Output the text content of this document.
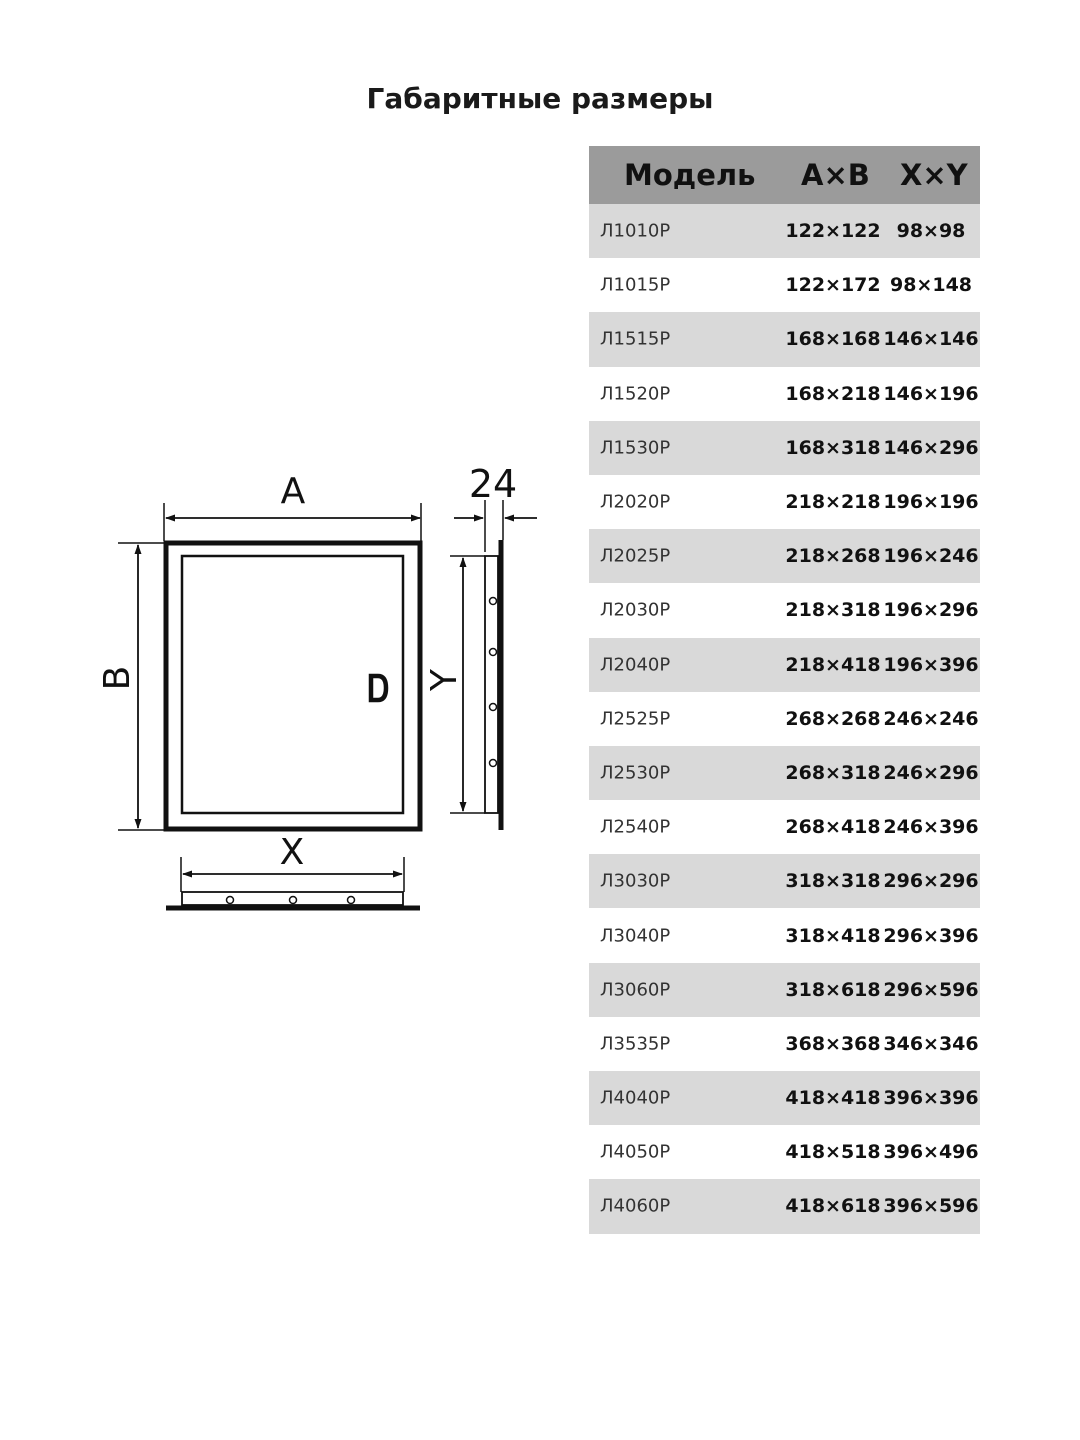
Габаритные размеры
A
B
24
Y
X
Модель A×B X×Y
Л1010Р	122×122 98×98
Л1015Р	122×172 98×148
Л1515Р	168×168 146×146
Л1520Р	168×218 146×196
Л1530Р	168×318 146×296
Л2020Р	218×218 196×196
Л2025Р	218×268 196×246
Л2030Р	218×318 196×296
Л2040Р	218×418 196×396
Л2525Р	268×268 246×246
Л2530Р	268×318 246×296
Л2540Р	268×418 246×396
Л3030Р	318×318 296×296
Л3040Р	318×418 296×396
Л3060Р	318×618 296×596
Л3535Р	368×368 346×346
Л4040Р	418×418 396×396
Л4050Р	418×518 396×496
Л4060Р	418×618 396×596
